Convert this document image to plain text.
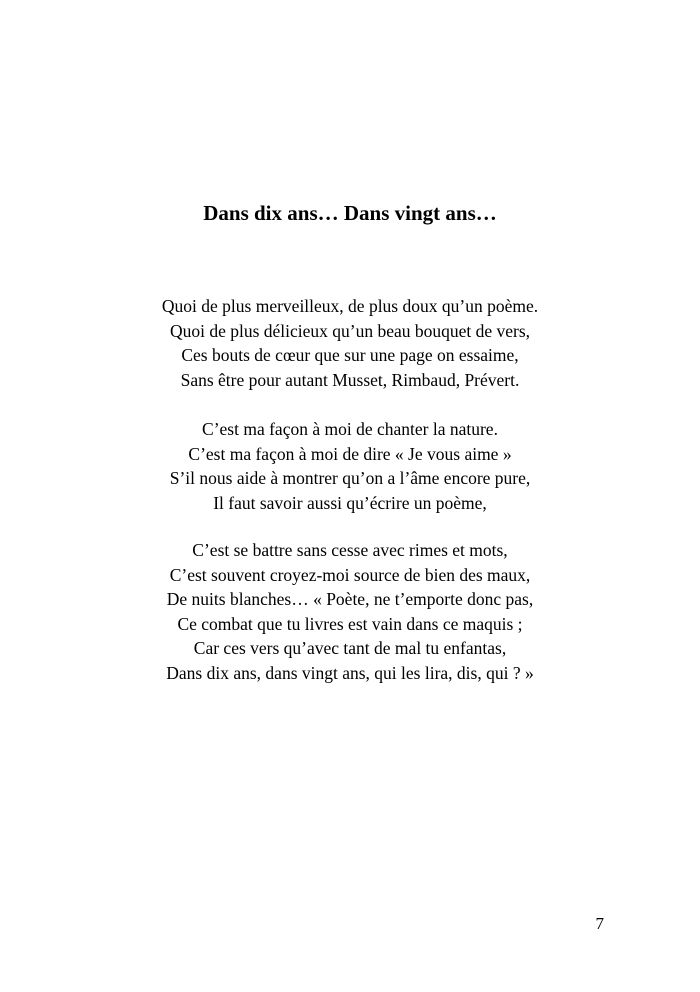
Dans dix ans… Dans vingt ans…
Quoi de plus merveilleux, de plus doux qu’un poème.
Quoi de plus délicieux qu’un beau bouquet de vers,
Ces bouts de cœur que sur une page on essaime,
Sans être pour autant Musset, Rimbaud, Prévert.
C’est ma façon à moi de chanter la nature.
C’est ma façon à moi de dire « Je vous aime »
S’il nous aide à montrer qu’on a l’âme encore pure,
Il faut savoir aussi qu’écrire un poème,
C’est se battre sans cesse avec rimes et mots,
C’est souvent croyez-moi source de bien des maux,
De nuits blanches… « Poète, ne t’emporte donc pas,
Ce combat que tu livres est vain dans ce maquis ;
Car ces vers qu’avec tant de mal tu enfantas,
Dans dix ans, dans vingt ans, qui les lira, dis, qui ? »

7
